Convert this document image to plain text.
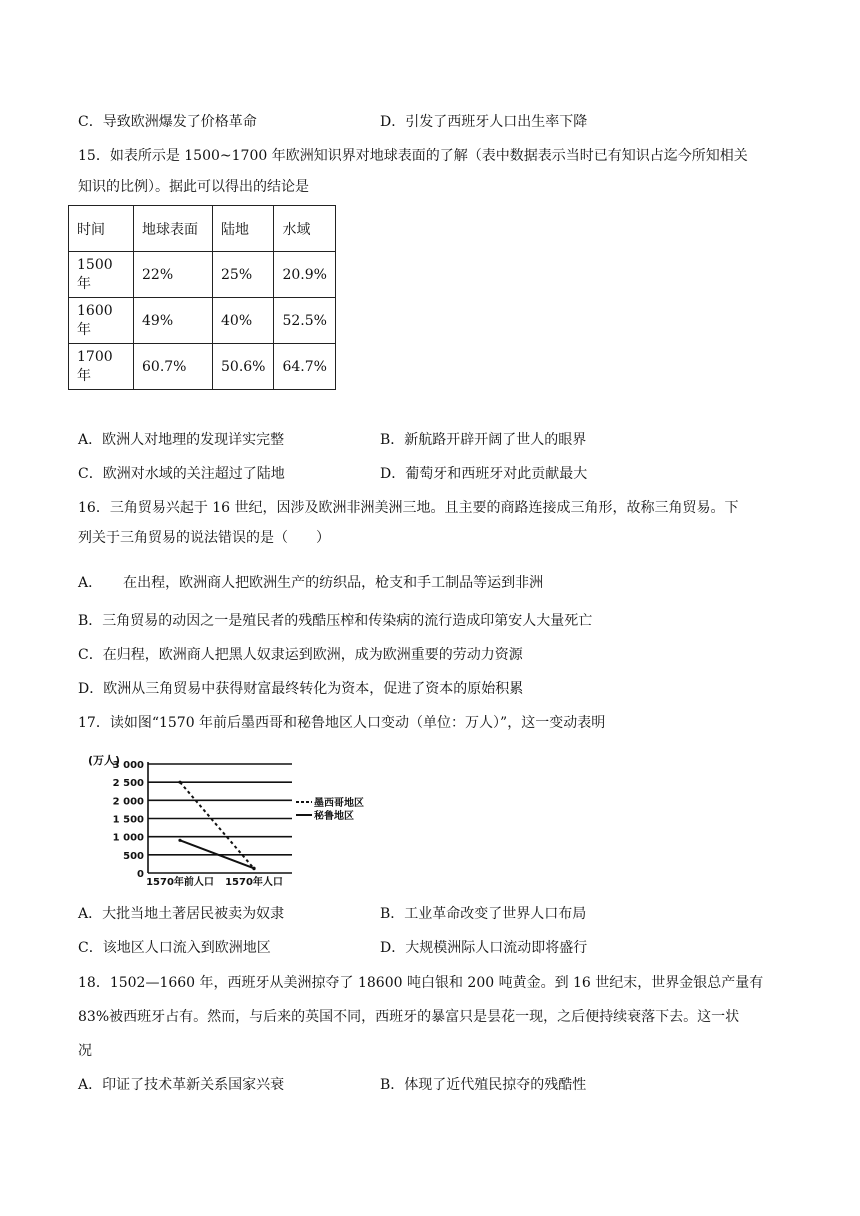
C．导致欧洲爆发了价格革命	D．引发了西班牙人口出生率下降
15．如表所示是 1500~1700 年欧洲知识界对地球表面的了解（表中数据表示当时已有知识占迄今所知相关
知识的比例）。据此可以得出的结论是
时间	地球表面	陆地	水域
1500 年	22%	25%	20.9%
1600 年	49%	40%	52.5%
1700 年	60.7%	50.6%	64.7%
A．欧洲人对地理的发现详实完整	B．新航路开辟开阔了世人的眼界
C．欧洲对水域的关注超过了陆地	D．葡萄牙和西班牙对此贡献最大
16．三角贸易兴起于 16 世纪，因涉及欧洲非洲美洲三地。且主要的商路连接成三角形，故称三角贸易。下
列关于三角贸易的说法错误的是（　　）
A．　　在出程，欧洲商人把欧洲生产的纺织品，枪支和手工制品等运到非洲
B．三角贸易的动因之一是殖民者的残酷压榨和传染病的流行造成印第安人大量死亡
C．在归程，欧洲商人把黑人奴隶运到欧洲，成为欧洲重要的劳动力资源
D．欧洲从三角贸易中获得财富最终转化为资本，促进了资本的原始积累
17．读如图“1570 年前后墨西哥和秘鲁地区人口变动（单位：万人）”，这一变动表明
(万人)
0
500
1 000
1 500
2 000
2 500
3 000
1570年前人口 1570年人口
墨西哥地区
秘鲁地区
A．大批当地土著居民被卖为奴隶	B．工业革命改变了世界人口布局
C．该地区人口流入到欧洲地区	D．大规模洲际人口流动即将盛行
18．1502—1660 年，西班牙从美洲掠夺了 18600 吨白银和 200 吨黄金。到 16 世纪末，世界金银总产量有
83%被西班牙占有。然而，与后来的英国不同，西班牙的暴富只是昙花一现，之后便持续衰落下去。这一状
况
A．印证了技术革新关系国家兴衰	B．体现了近代殖民掠夺的残酷性
